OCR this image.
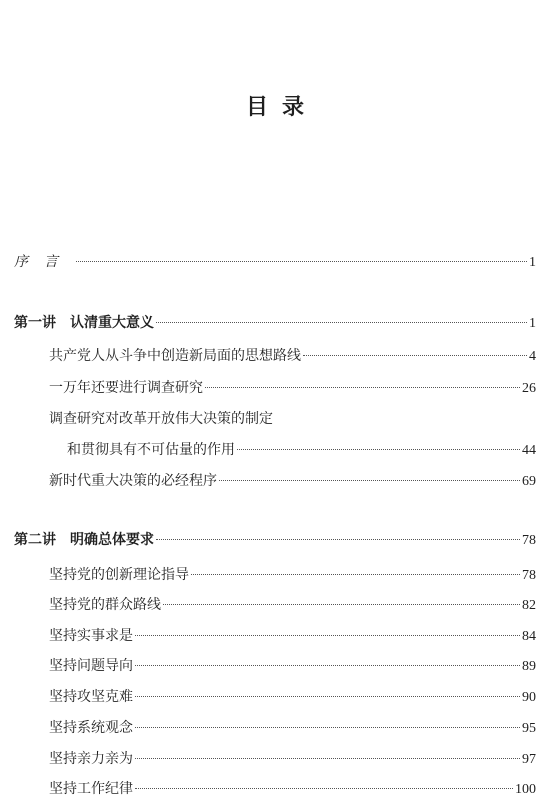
目录
序言	1
第一讲　认清重大意义	1
共产党人从斗争中创造新局面的思想路线	4
一万年还要进行调查研究	26
调查研究对改革开放伟大决策的制定
和贯彻具有不可估量的作用	44
新时代重大决策的必经程序	69
第二讲　明确总体要求	78
坚持党的创新理论指导	78
坚持党的群众路线	82
坚持实事求是	84
坚持问题导向	89
坚持攻坚克难	90
坚持系统观念	95
坚持亲力亲为	97
坚持工作纪律	100
